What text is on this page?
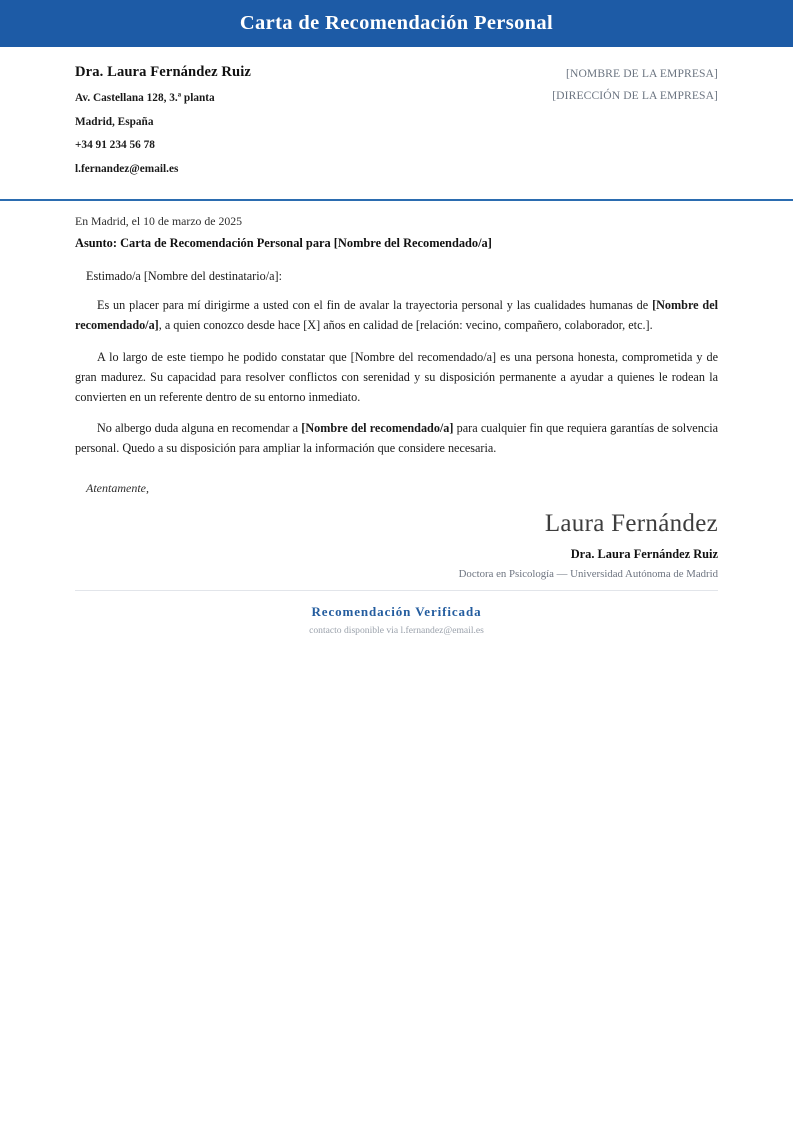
Carta de Recomendación Personal
Dra. Laura Fernández Ruiz
Av. Castellana 128, 3.ª planta
Madrid, España
+34 91 234 56 78
l.fernandez@email.es
[NOMBRE DE LA EMPRESA]
[DIRECCIÓN DE LA EMPRESA]
En Madrid, el 10 de marzo de 2025
Asunto: Carta de Recomendación Personal para [Nombre del Recomendado/a]
Estimado/a [Nombre del destinatario/a]:

Es un placer para mí dirigirme a usted con el fin de avalar la trayectoria personal y las cualidades humanas de [Nombre del recomendado/a], a quien conozco desde hace [X] años en calidad de [relación: vecino, compañero, colaborador, etc.].

A lo largo de este tiempo he podido constatar que [Nombre del recomendado/a] es una persona honesta, comprometida y de gran madurez. Su capacidad para resolver conflictos con serenidad y su disposición permanente a ayudar a quienes le rodean la convierten en un referente dentro de su entorno inmediato.

No albergo duda alguna en recomendar a [Nombre del recomendado/a] para cualquier fin que requiera garantías de solvencia personal. Quedo a su disposición para ampliar la información que considere necesaria.

Atentamente,
Laura Fernández
Dra. Laura Fernández Ruiz
Doctora en Psicología — Universidad Autónoma de Madrid
Recomendación Verificada
contacto disponible via l.fernandez@email.es
